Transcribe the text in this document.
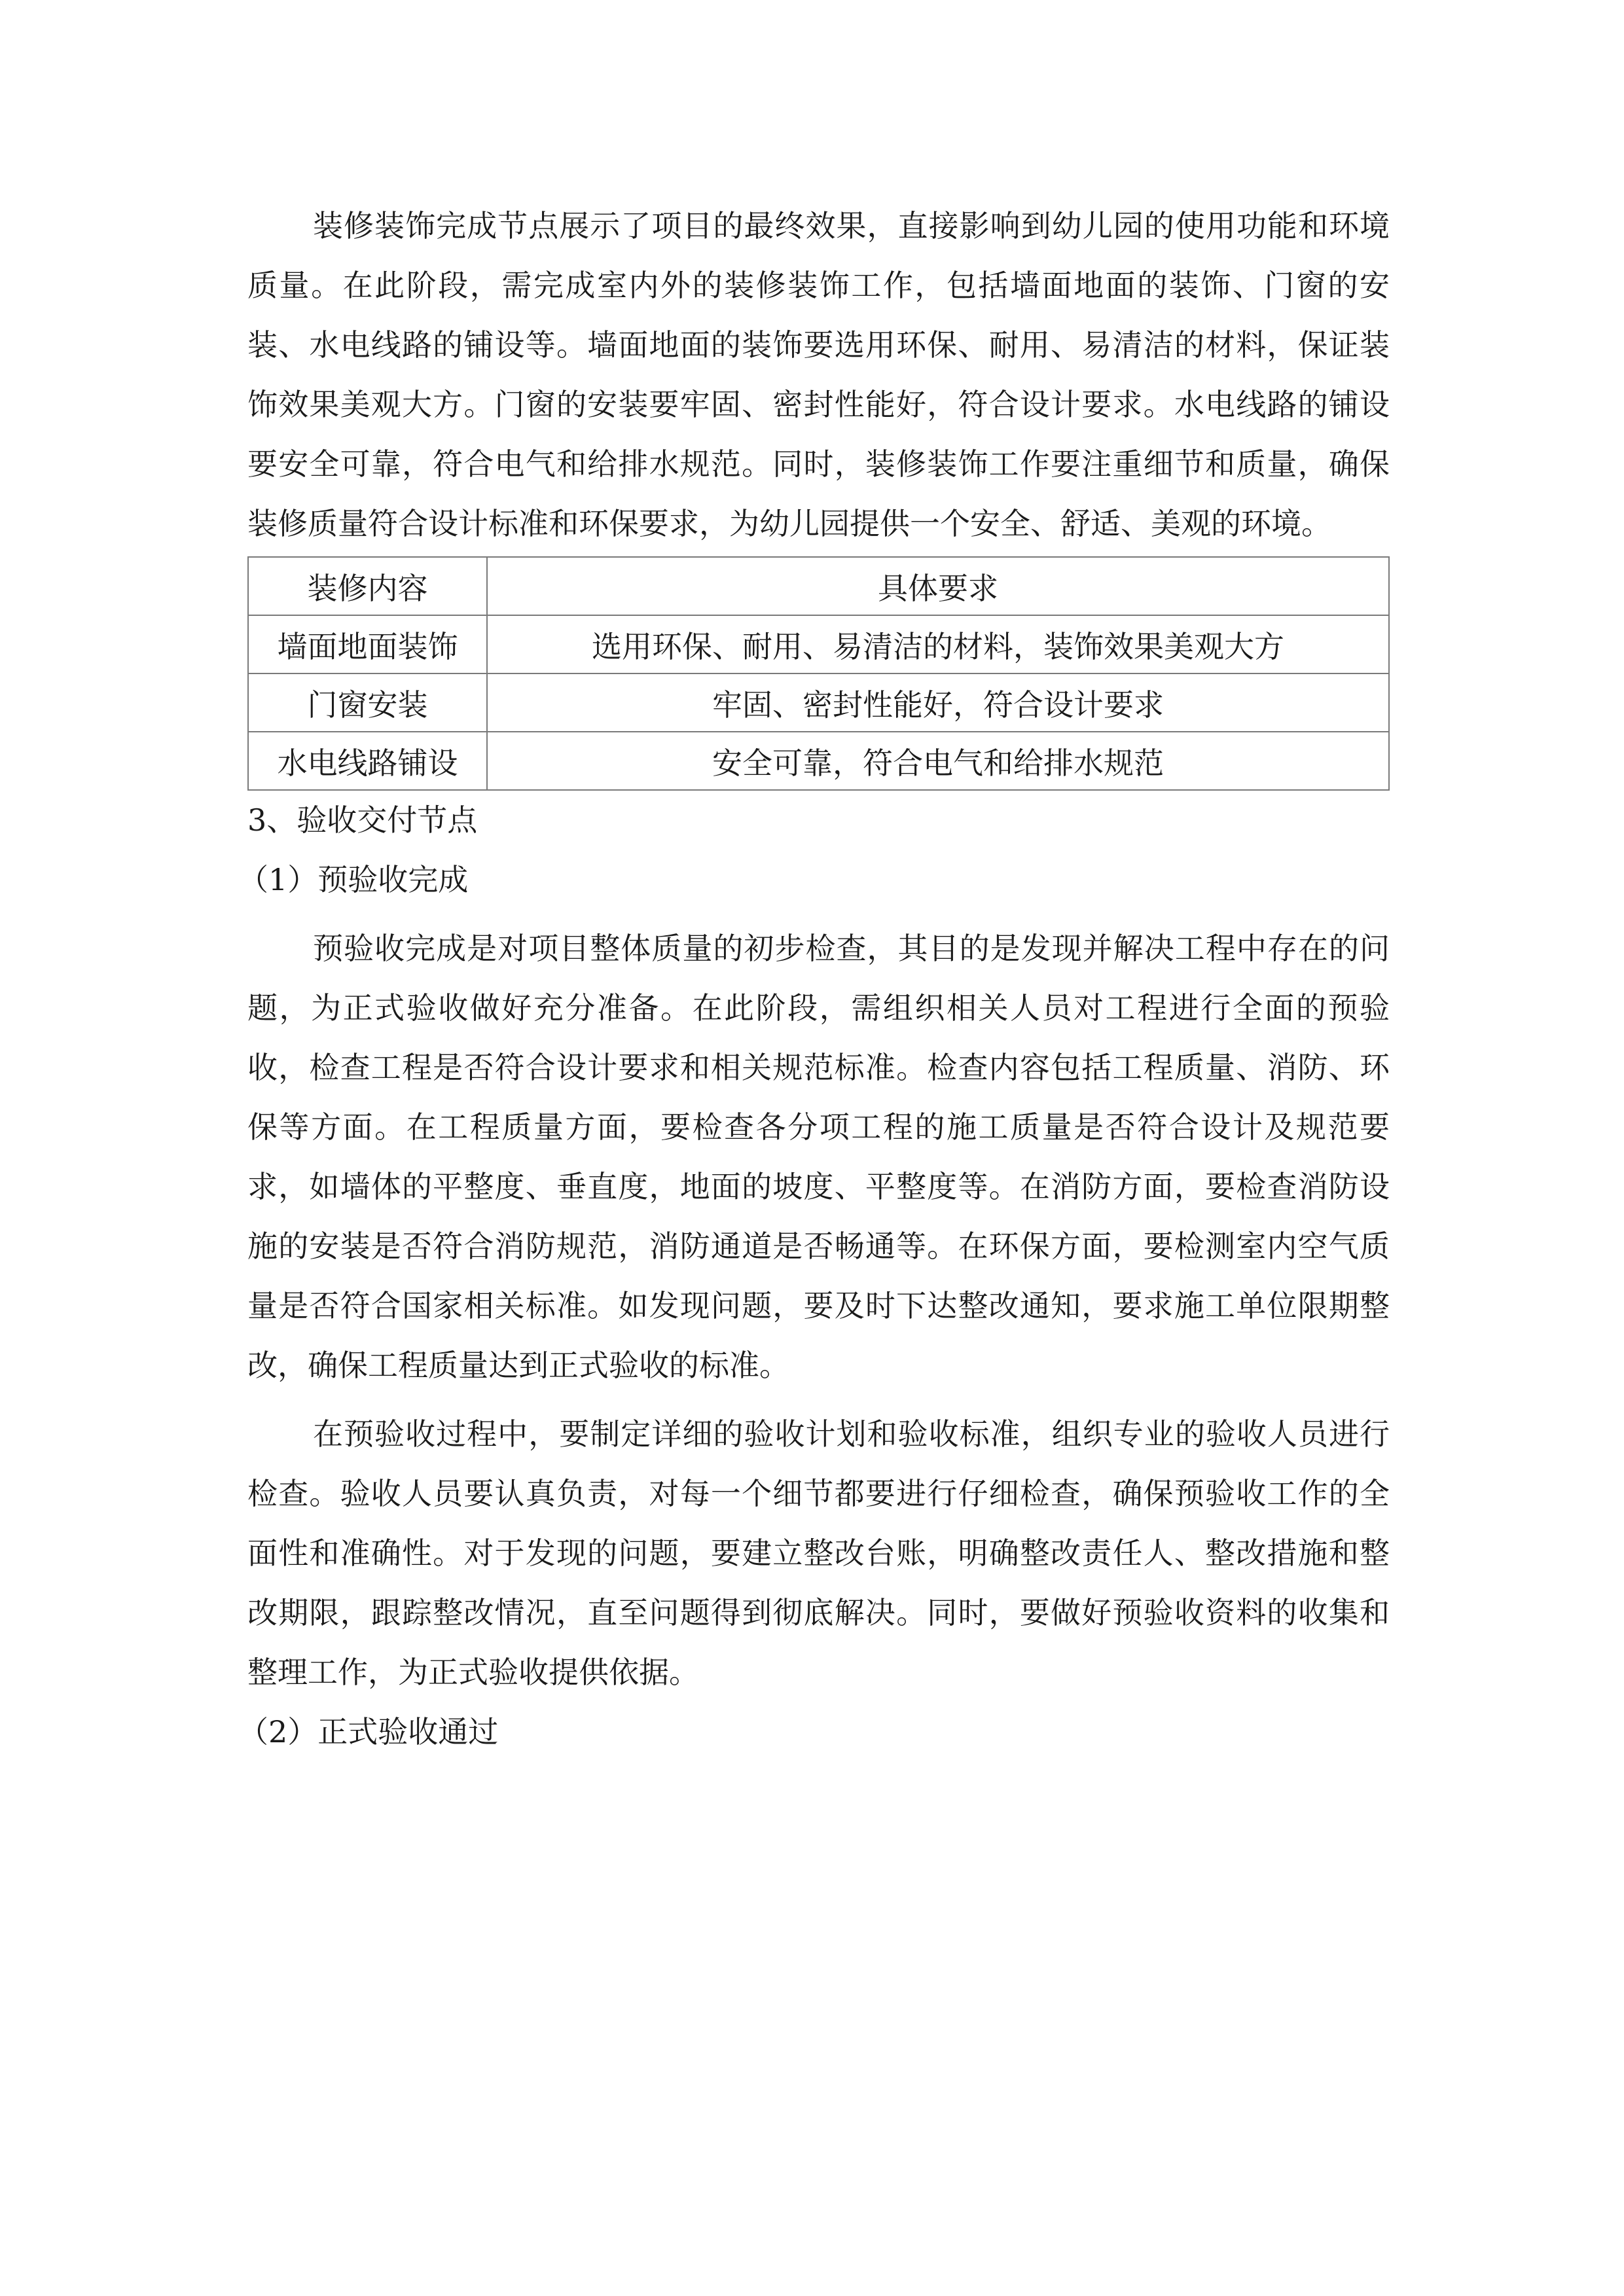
装修装饰完成节点展示了项目的最终效果，直接影响到幼儿园的使用功能和环境质量。在此阶段，需完成室内外的装修装饰工作，包括墙面地面的装饰、门窗的安装、水电线路的铺设等。墙面地面的装饰要选用环保、耐用、易清洁的材料，保证装饰效果美观大方。门窗的安装要牢固、密封性能好，符合设计要求。水电线路的铺设要安全可靠，符合电气和给排水规范。同时，装修装饰工作要注重细节和质量，确保装修质量符合设计标准和环保要求，为幼儿园提供一个安全、舒适、美观的环境。

装修内容	具体要求
墙面地面装饰	选用环保、耐用、易清洁的材料，装饰效果美观大方
门窗安装	牢固、密封性能好，符合设计要求
水电线路铺设	安全可靠，符合电气和给排水规范

3、验收交付节点

（1）预验收完成

预验收完成是对项目整体质量的初步检查，其目的是发现并解决工程中存在的问题，为正式验收做好充分准备。在此阶段，需组织相关人员对工程进行全面的预验收，检查工程是否符合设计要求和相关规范标准。检查内容包括工程质量、消防、环保等方面。在工程质量方面，要检查各分项工程的施工质量是否符合设计及规范要求，如墙体的平整度、垂直度，地面的坡度、平整度等。在消防方面，要检查消防设施的安装是否符合消防规范，消防通道是否畅通等。在环保方面，要检测室内空气质量是否符合国家相关标准。如发现问题，要及时下达整改通知，要求施工单位限期整改，确保工程质量达到正式验收的标准。

在预验收过程中，要制定详细的验收计划和验收标准，组织专业的验收人员进行检查。验收人员要认真负责，对每一个细节都要进行仔细检查，确保预验收工作的全面性和准确性。对于发现的问题，要建立整改台账，明确整改责任人、整改措施和整改期限，跟踪整改情况，直至问题得到彻底解决。同时，要做好预验收资料的收集和整理工作，为正式验收提供依据。

（2）正式验收通过
